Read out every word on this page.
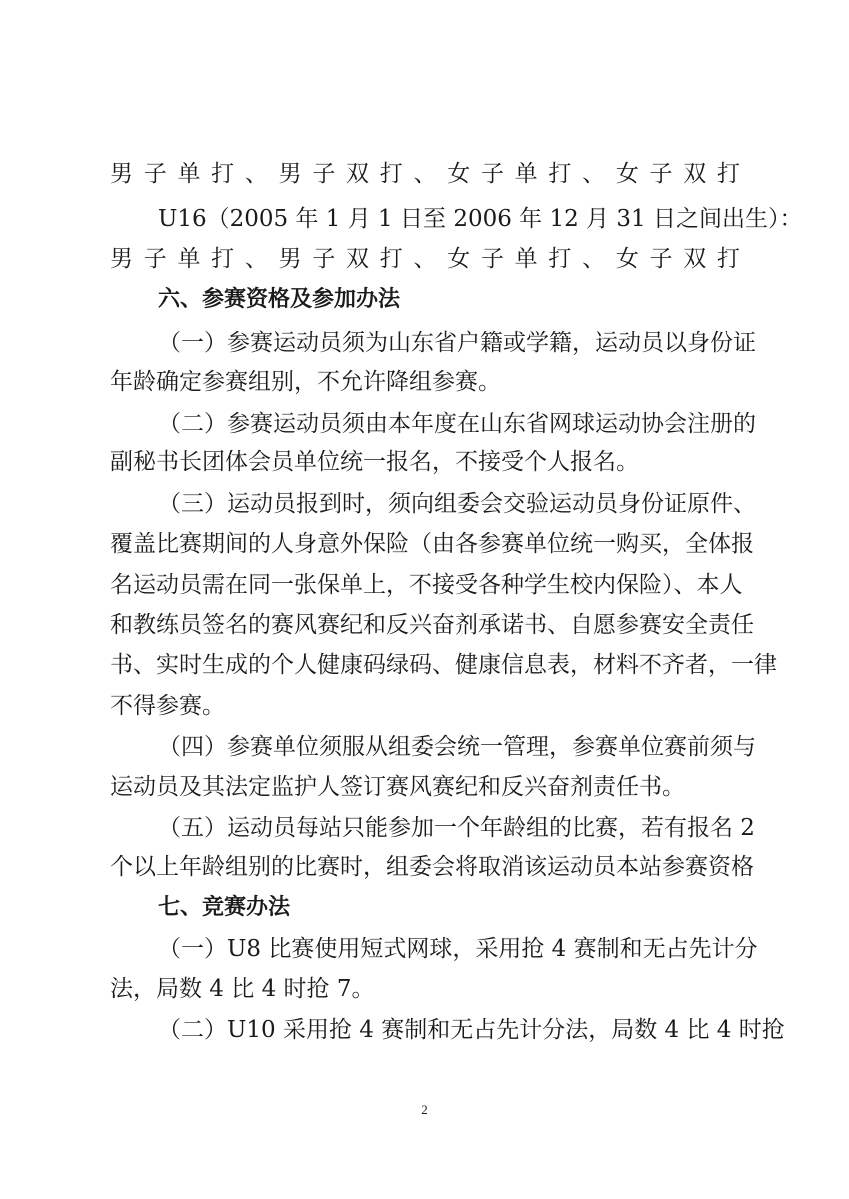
男子单打、男子双打、女子单打、女子双打
U16（2005 年 1 月 1 日至 2006 年 12 月 31 日之间出生）：
男子单打、男子双打、女子单打、女子双打
六、参赛资格及参加办法
（一）参赛运动员须为山东省户籍或学籍，运动员以身份证
年龄确定参赛组别，不允许降组参赛。
（二）参赛运动员须由本年度在山东省网球运动协会注册的
副秘书长团体会员单位统一报名，不接受个人报名。
（三）运动员报到时，须向组委会交验运动员身份证原件、
覆盖比赛期间的人身意外保险（由各参赛单位统一购买，全体报
名运动员需在同一张保单上，不接受各种学生校内保险）、本人
和教练员签名的赛风赛纪和反兴奋剂承诺书、自愿参赛安全责任
书、实时生成的个人健康码绿码、健康信息表，材料不齐者，一律
不得参赛。
（四）参赛单位须服从组委会统一管理，参赛单位赛前须与
运动员及其法定监护人签订赛风赛纪和反兴奋剂责任书。
（五）运动员每站只能参加一个年龄组的比赛，若有报名 2
个以上年龄组别的比赛时，组委会将取消该运动员本站参赛资格
七、竞赛办法
（一）U8 比赛使用短式网球，采用抢 4 赛制和无占先计分
法，局数 4 比 4 时抢 7。
（二）U10 采用抢 4 赛制和无占先计分法，局数 4 比 4 时抢
2
